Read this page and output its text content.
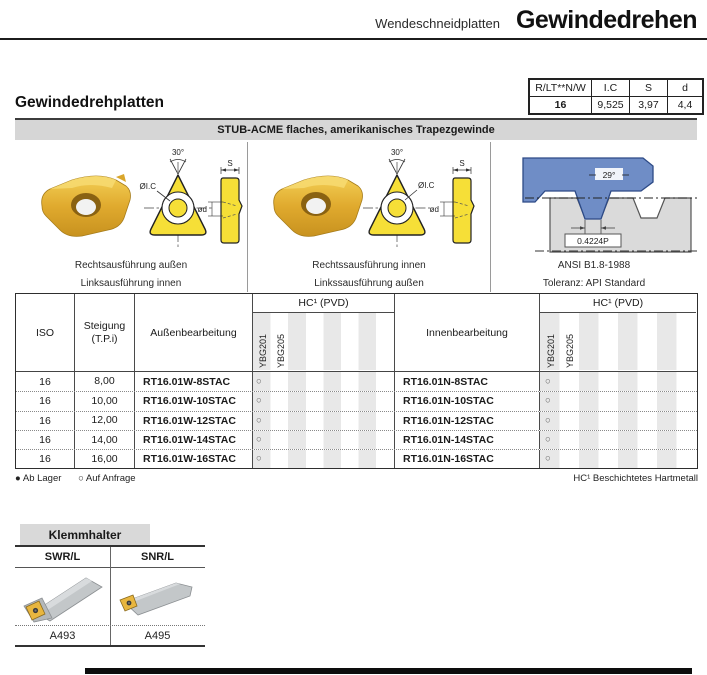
Wendeschneidplatten Gewindedrehen
R/LT**N/W	I.C	S	d
16	9,525	3,97	4,4
Gewindedrehplatten
STUB-ACME flaches, amerikanisches Trapezgewinde
30°
ØI.C
S
ød
30°
ØI.C
S
ød
29°
0.4224P
Rechtsausführung außen
Linksausführung innen
Rechtssausführung innen
Linkssausführung außen
ANSI B1.8-1988
Toleranz: API Standard
ISO
Steigung
(T.P.i)	Außenbearbeitung
HC¹ (PVD)
YBG201 YBG205
Innenbearbeitung
HC¹ (PVD)
YBG201 YBG205
16	8,00	RT16.01W-8STAC	○	RT16.01N-8STAC	○
16	10,00	RT16.01W-10STAC ○	RT16.01N-10STAC	○
16	12,00	RT16.01W-12STAC ○	RT16.01N-12STAC	○
16	14,00	RT16.01W-14STAC ○	RT16.01N-14STAC	○
16	16,00	RT16.01W-16STAC ○	RT16.01N-16STAC	○
● Ab Lager ○ Auf Anfrage	HC¹ Beschichtetes Hartmetall
Klemmhalter
SWR/L	SNR/L
A493	A495
